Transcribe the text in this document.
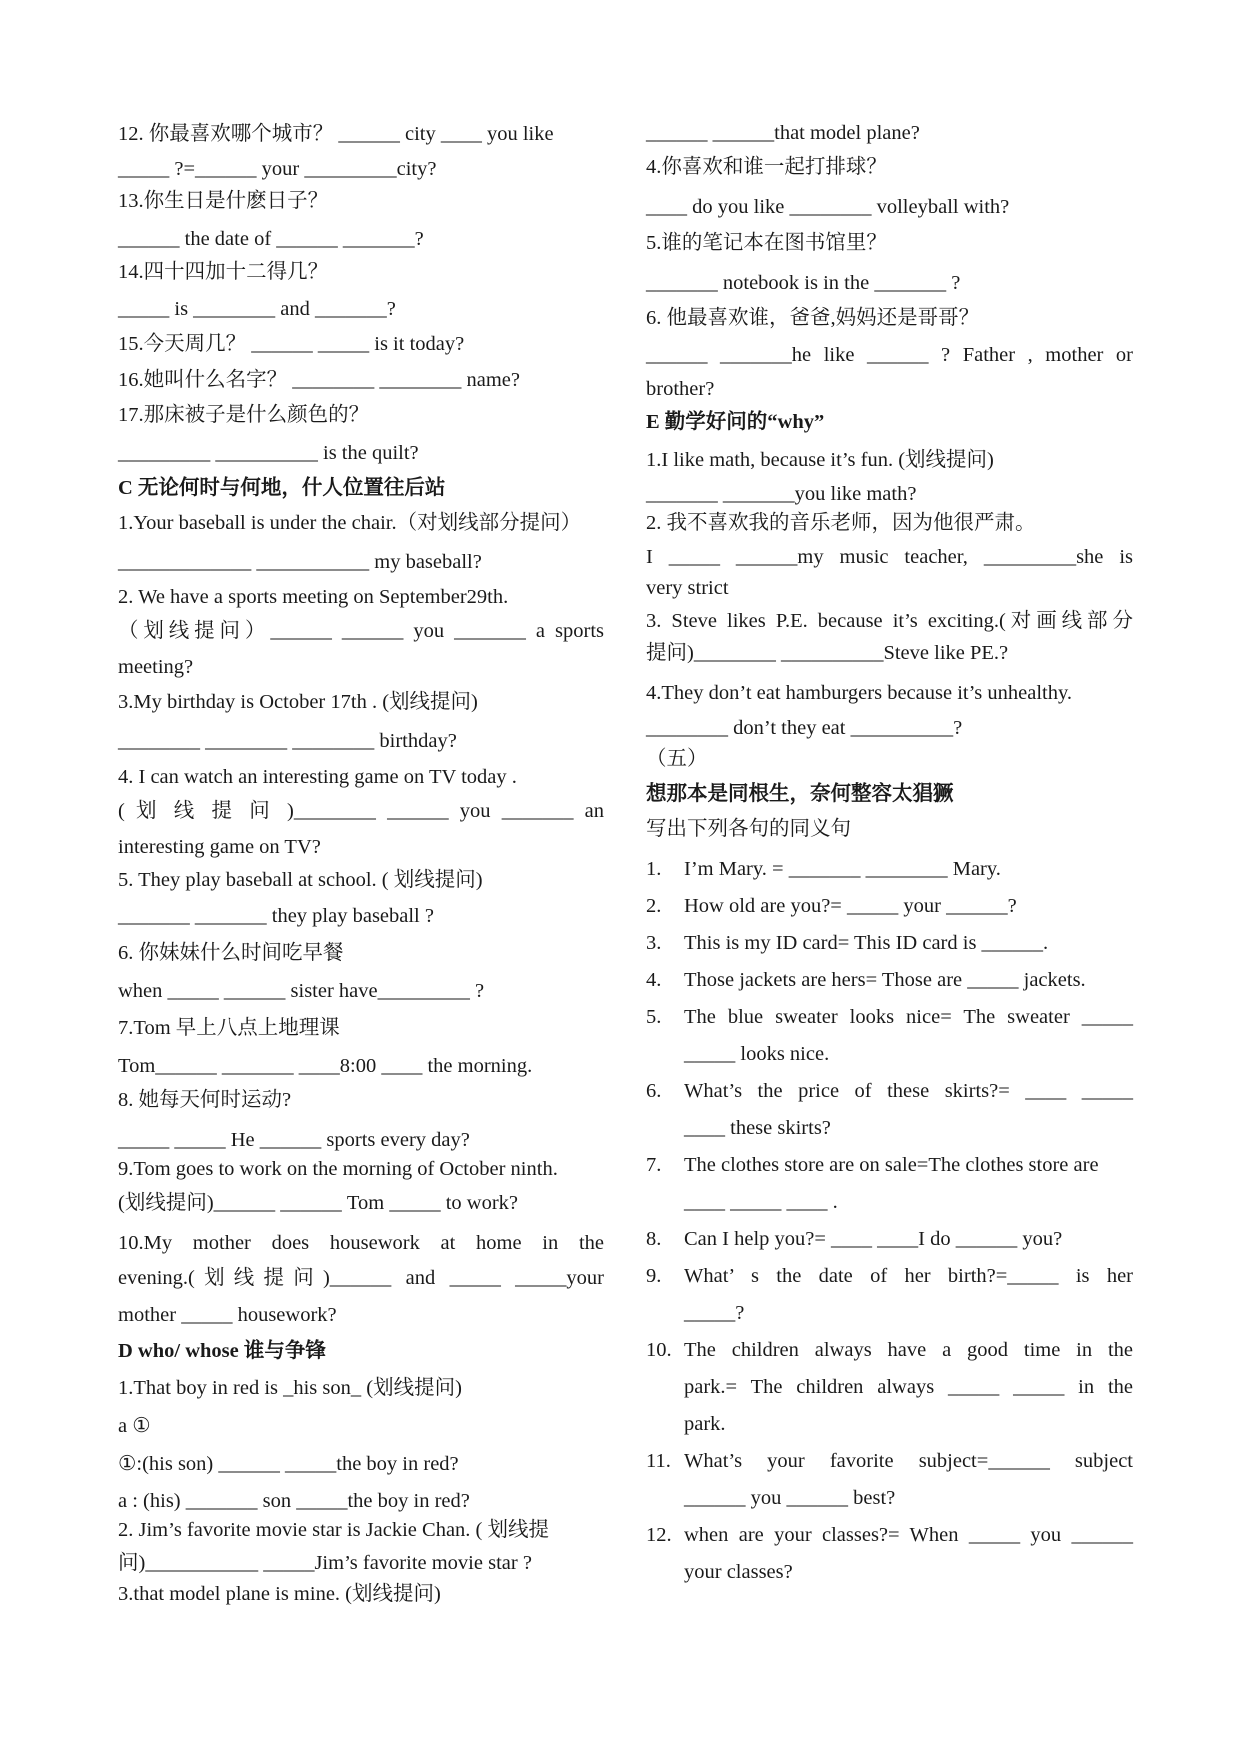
12. 你最喜欢哪个城市？ ______ city ____ you like
_____ ?=______ your _________city?
13.你生日是什麽日子？
______ the date of ______ _______?
14.四十四加十二得几？
_____ is ________ and _______?
15.今天周几？ ______ _____ is it today?
16.她叫什么名字？ ________ ________ name?
17.那床被子是什么颜色的？
_________ __________ is the quilt?
C 无论何时与何地，什人位置往后站
1.Your baseball is under the chair.（对划线部分提问）
_____________ ___________ my baseball?
2. We have a sports meeting on September29th.
（划线提问）______ ______ you _______ a sports
meeting?
3.My birthday is October 17th . (划线提问)
________ ________ ________ birthday?
4. I can watch an interesting game on TV today .
( 划 线 提 问 )________ ______ you _______ an
interesting game on TV?
5. They play baseball at school. ( 划线提问)
_______ _______ they play baseball ?
6. 你妹妹什么时间吃早餐
when _____ ______ sister have_________ ?
7.Tom 早上八点上地理课
Tom______ _______ ____8:00 ____ the morning.
8. 她每天何时运动?
_____ _____ He ______ sports every day?
9.Tom goes to work on the morning of October ninth.
(划线提问)______ ______ Tom _____ to work?
10.My mother does housework at home in the
evening.(划线提问)______ and _____ _____your
mother _____ housework?
D who/ whose 谁与争锋
1.That boy in red is _his son_ (划线提问)
a ①
①:(his son) ______ _____the boy in red?
a : (his) _______ son _____the boy in red?
2. Jim’s favorite movie star is Jackie Chan. ( 划线提
问)___________ _____Jim’s favorite movie star ?
3.that model plane is mine. (划线提问)
______ ______that model plane?
4.你喜欢和谁一起打排球？
____ do you like ________ volleyball with?
5.谁的笔记本在图书馆里？
_______ notebook is in the _______ ?
6. 他最喜欢谁，爸爸,妈妈还是哥哥？
______ _______he like ______ ? Father , mother or
brother?
E 勤学好问的“why”
1.I like math, because it’s fun. (划线提问)
_______ _______you like math?
2. 我不喜欢我的音乐老师，因为他很严肃。
I _____ ______my music teacher, _________she is
very strict
3. Steve likes P.E. because it’s exciting.(对画线部分
提问)________ __________Steve like PE.?
4.They don’t eat hamburgers because it’s unhealthy.
________ don’t they eat __________?
（五）
想那本是同根生，奈何整容太猖獗
写出下列各句的同义句
1. I’m Mary. = _______ ________ Mary.
2. How old are you?= _____ your ______?
3. This is my ID card= This ID card is ______.
4. Those jackets are hers= Those are _____ jackets.
5. The blue sweater looks nice= The sweater _____
_____ looks nice.
6. What’s the price of these skirts?= ____ _____
____ these skirts?
7. The clothes store are on sale=The clothes store are
____ _____ ____ .
8. Can I help you?= ____ ____I do ______ you?
9. What’ s the date of her birth?=_____ is her
_____?
10. The children always have a good time in the
park.= The children always _____ _____ in the
park.
11. What’s your favorite subject=______ subject
______ you ______ best?
12. when are your classes?= When _____ you ______
your classes?
